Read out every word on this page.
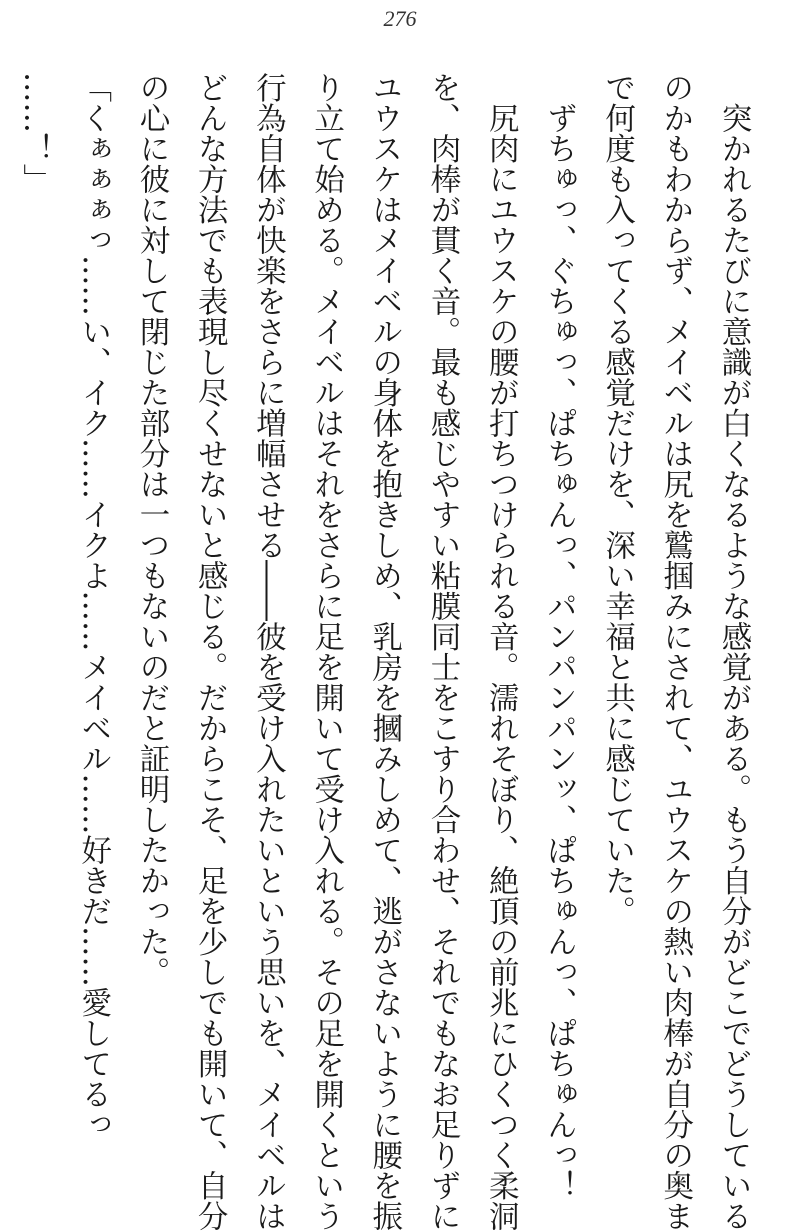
276

　突かれるたびに意識が白くなるような感覚がある。もう自分がどこでどうしている

のかもわからず、メイベルは尻を鷲掴みにされて、ユウスケの熱い肉棒が自分の奥ま

で何度も入ってくる感覚だけを、深い幸福と共に感じていた。

　ずちゅっ、ぐちゅっ、ぱちゅんっ、パンパンパンッ、ぱちゅんっ、ぱちゅんっ！

　尻肉にユウスケの腰が打ちつけられる音。濡れそぼり、絶頂の前兆にひくつく柔洞

を、肉棒が貫く音。最も感じやすい粘膜同士をこすり合わせ、それでもなお足りずに

ユウスケはメイベルの身体を抱きしめ、乳房を摑みしめて、逃がさないように腰を振

り立て始める。メイベルはそれをさらに足を開いて受け入れる。その足を開くという

行為自体が快楽をさらに増幅させる――彼を受け入れたいという思いを、メイベルは

どんな方法でも表現し尽くせないと感じる。だからこそ、足を少しでも開いて、自分

の心に彼に対して閉じた部分は一つもないのだと証明したかった。

「くぁぁぁっ……い、イク……イクよ……メイベル……好きだ……愛してるっ

……！」
